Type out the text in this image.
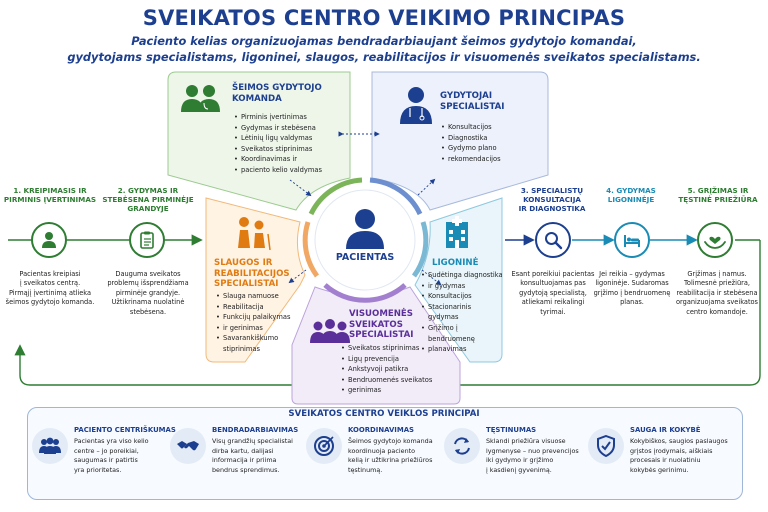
SVEIKATOS CENTRO VEIKIMO PRINCIPAS
Paciento kelias organizuojamas bendradarbiaujant šeimos gydytojo komandai,
gydytojams specialistams, ligoninei, slaugos, reabilitacijos ir visuomenės sveikatos specialistams.
PACIENTAS
ŠEIMOS GYDYTOJO
KOMANDA
• Pirminis įvertinimas
• Gydymas ir stebėsena
• Lėtinių ligų valdymas
• Sveikatos stiprinimas
• Koordinavimas ir
• paciento kelio valdymas
GYDYTOJAI
SPECIALISTAI
• Konsultacijos
• Diagnostika
• Gydymo plano
• rekomendacijos
SLAUGOS IR
REABILITACIJOS
SPECIALISTAI
• Slauga namuose
• Reabilitacija
• Funkcijų palaikymas
• ir gerinimas
• Savarankiškumo stiprinimas
LIGONINĖ
• Sudėtinga diagnostika
• ir gydymas
• Konsultacijos
• Stacionarinis gydymas
• Grįžimo į bendruomenę
• planavimas
VISUOMENĖS
SVEIKATOS
SPECIALISTAI
• Sveikatos stiprinimas
• Ligų prevencija
• Ankstyvoji patikra
• Bendruomenės sveikatos
• gerinimas
1. KREIPIMASIS IR
PIRMINIS ĮVERTINIMAS
Pacientas kreipiasi
į sveikatos centrą.
Pirmąjį įvertinimą atlieka
šeimos gydytojo komanda.
2. GYDYMAS IR
STEBĖSENA PIRMINĖJE
GRANDYJE
Dauguma sveikatos
problemų išsprendžiama
pirminėje grandyje.
Užtikrinama nuolatinė
stebėsena.
3. SPECIALISTŲ
KONSULTACIJA
IR DIAGNOSTIKA
Esant poreikiui pacientas
konsultuojamas pas
gydytoją specialistą,
atliekami reikalingi
tyrimai.
4. GYDYMAS
LIGONINĖJE
Jei reikia – gydymas
ligoninėje. Sudaromas
grįžimo į bendruomenę
planas.
5. GRĮŽIMAS IR
TĘSTINĖ PRIEŽIŪRA
Grįžimas į namus.
Tolimesnė priežiūra,
reabilitacija ir stebėsena
organizuojama sveikatos
centro komandoje.
SVEIKATOS CENTRO VEIKLOS PRINCIPAI
PACIENTO CENTRIŠKUMAS
Pacientas yra viso kelio
centre – jo poreikiai,
saugumas ir patirtis
yra prioritetas.
BENDRADARBIAVIMAS
Visų grandžių specialistai
dirba kartu, dalijasi
informacija ir priima
bendrus sprendimus.
KOORDINAVIMAS
Šeimos gydytojo komanda
koordinuoja paciento
kelią ir užtikrina priežiūros
tęstinumą.
TĘSTINUMAS
Sklandi priežiūra visuose
lygmenyse – nuo prevencijos
iki gydymo ir grįžimo
į kasdienį gyvenimą.
SAUGA IR KOKYBĖ
Kokybiškos, saugios paslaugos
grįstos įrodymais, aiškiais
procesais ir nuolatiniu
kokybės gerinimu.
